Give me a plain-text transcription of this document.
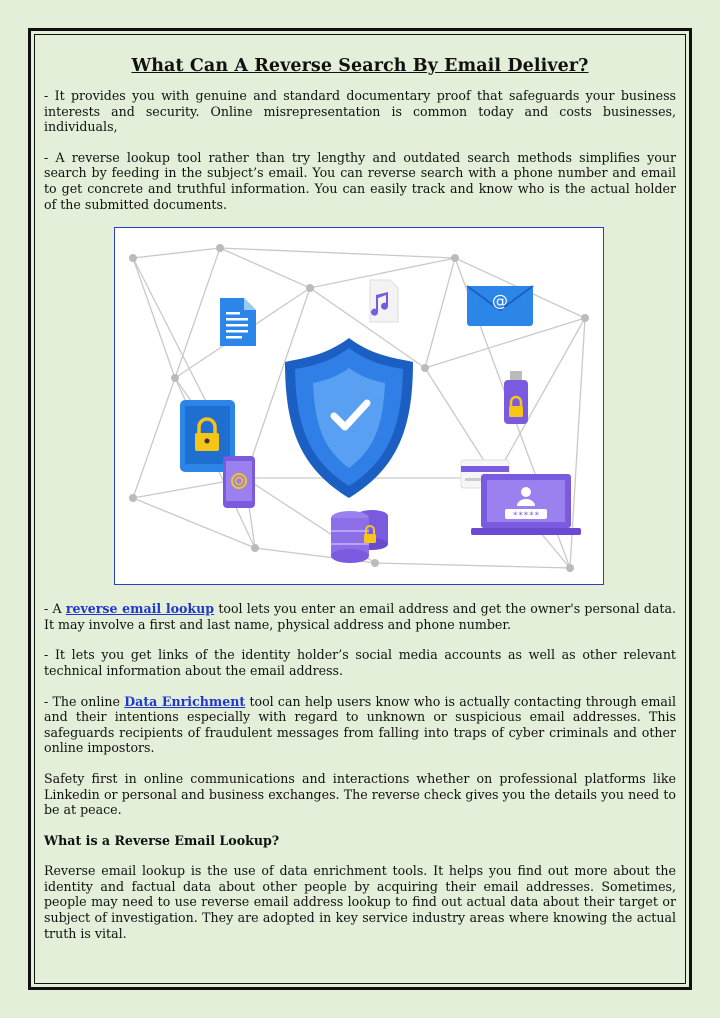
What Can A Reverse Search By Email Deliver?

- It provides you with genuine and standard documentary proof that safeguards your business interests and security. Online misrepresentation is common today and costs businesses, individuals,

- A reverse lookup tool rather than try lengthy and outdated search methods simplifies your search by feeding in the subject’s email. You can reverse search with a phone number and email to get concrete and truthful information. You can easily track and know who is the actual holder of the submitted documents.

@
*****

- A reverse email lookup tool lets you enter an email address and get the owner's personal data. It may involve a first and last name, physical address and phone number.

- It lets you get links of the identity holder’s social media accounts as well as other relevant technical information about the email address.

- The online Data Enrichment tool can help users know who is actually contacting through email and their intentions especially with regard to unknown or suspicious email addresses. This safeguards recipients of fraudulent messages from falling into traps of cyber criminals and other online impostors.

Safety first in online communications and interactions whether on professional platforms like Linkedin or personal and business exchanges. The reverse check gives you the details you need to be at peace.

What is a Reverse Email Lookup?

Reverse email lookup is the use of data enrichment tools. It helps you find out more about the identity and factual data about other people by acquiring their email addresses. Sometimes, people may need to use reverse email address lookup to find out actual data about their target or subject of investigation. They are adopted in key service industry areas where knowing the actual truth is vital.
